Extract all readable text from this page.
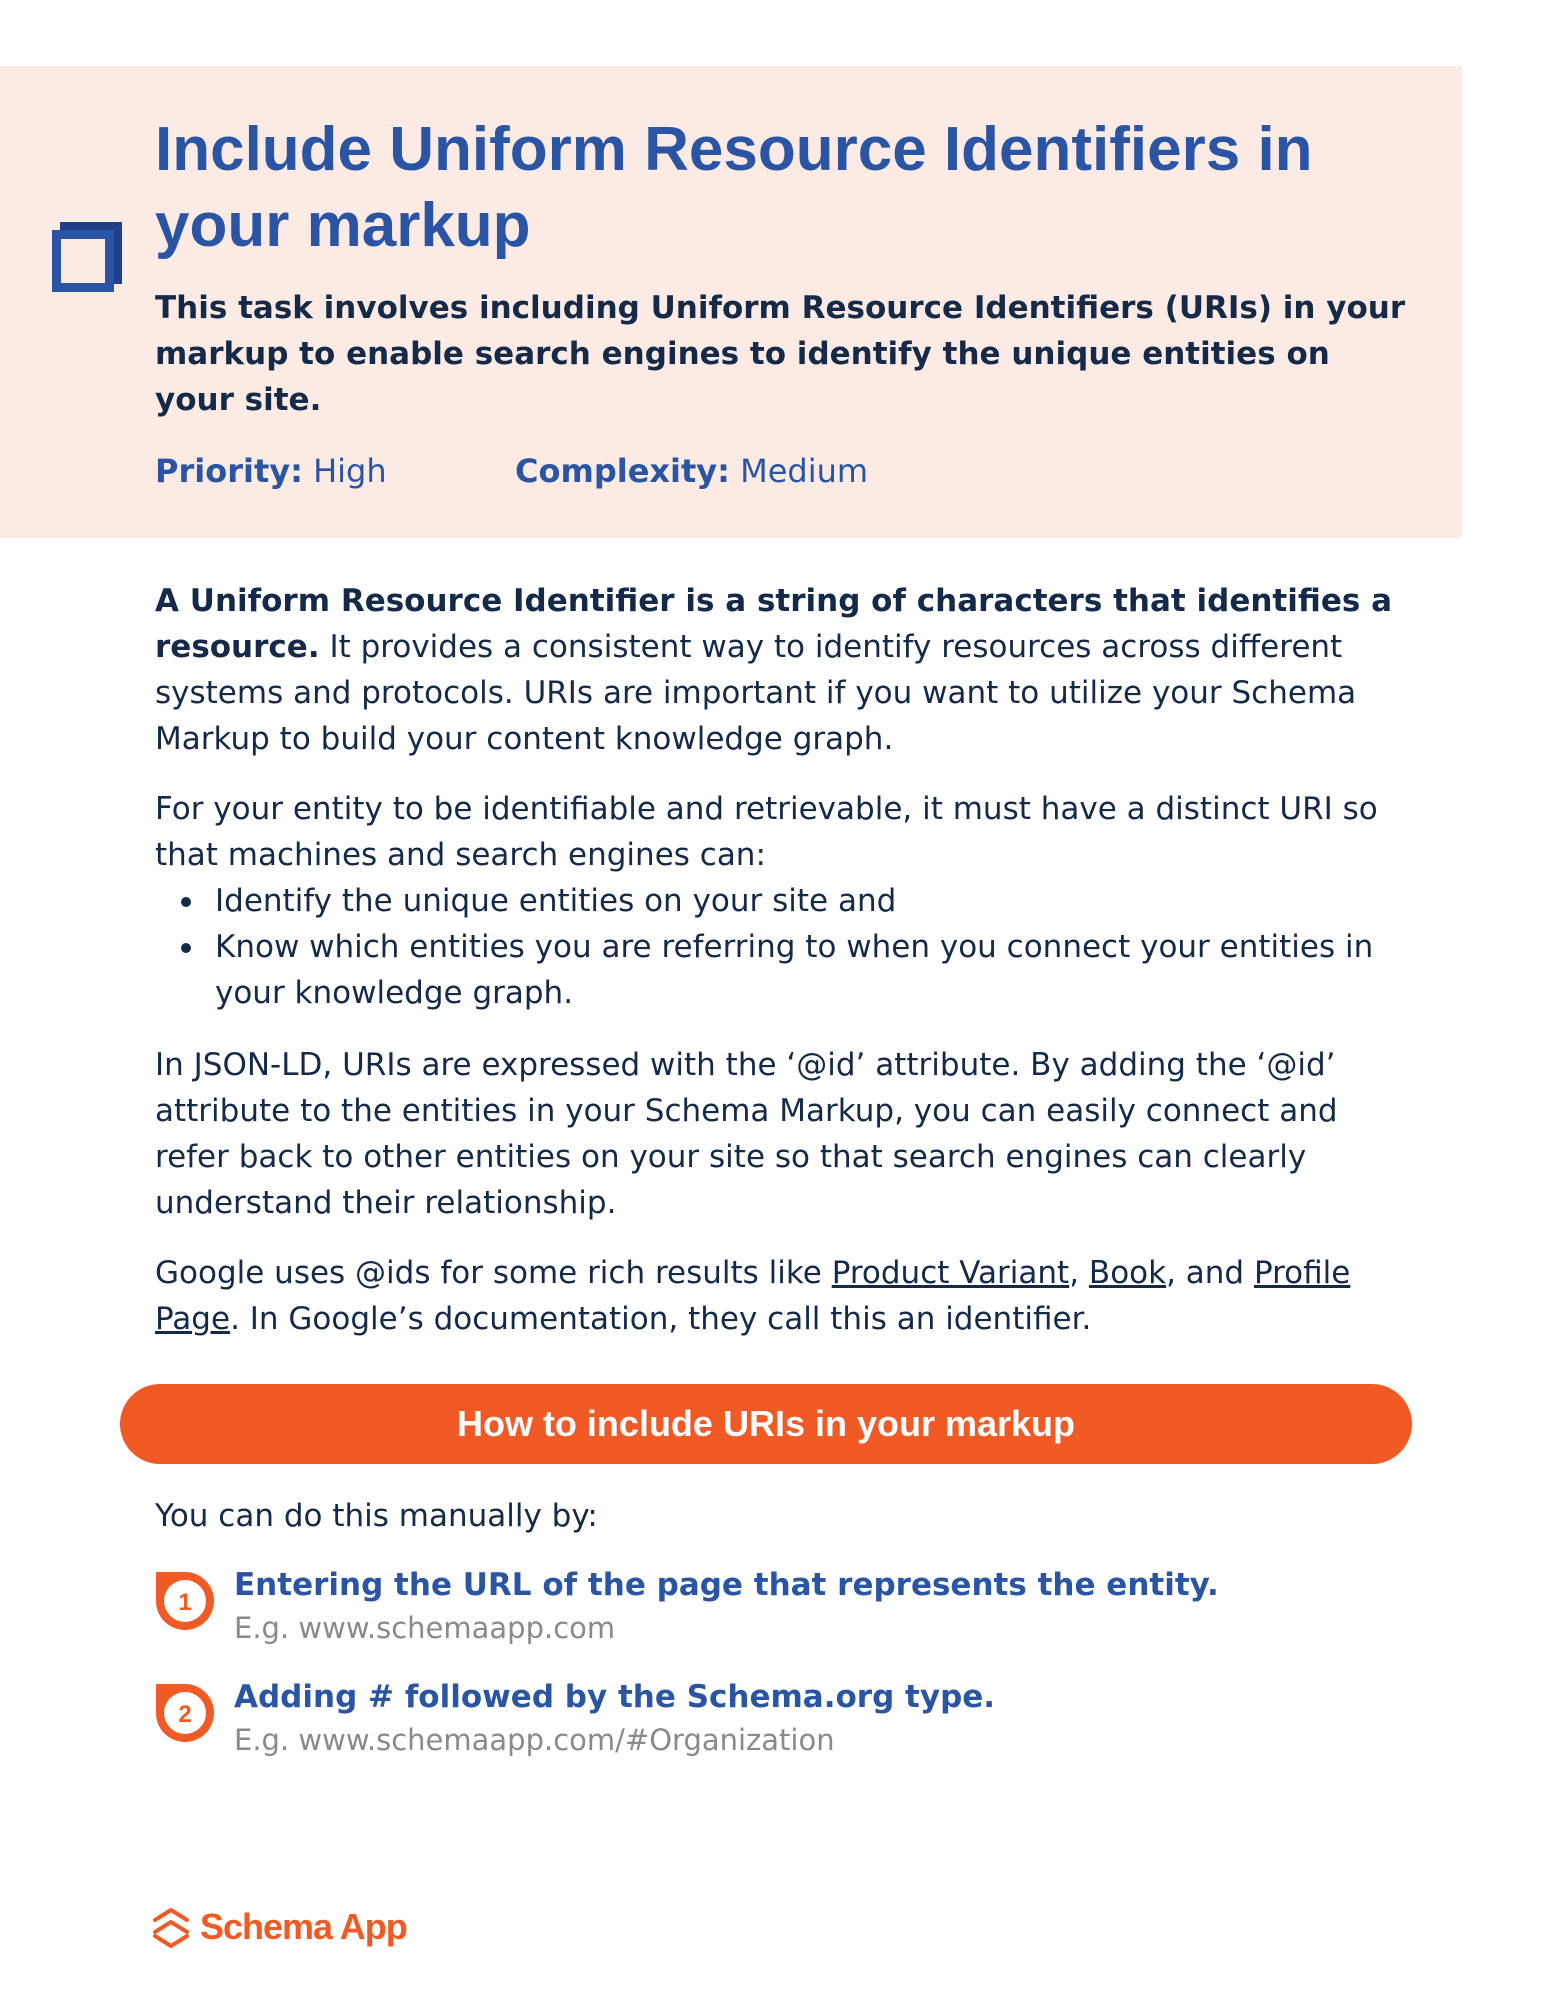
Include Uniform Resource Identifiers in your markup

This task involves including Uniform Resource Identifiers (URIs) in your markup to enable search engines to identify the unique entities on your site.

Priority: High	Complexity: Medium

A Uniform Resource Identifier is a string of characters that identifies a resource. It provides a consistent way to identify resources across different systems and protocols. URIs are important if you want to utilize your Schema Markup to build your content knowledge graph.

For your entity to be identifiable and retrievable, it must have a distinct URI so that machines and search engines can:

Identify the unique entities on your site and
Know which entities you are referring to when you connect your entities in your knowledge graph.

In JSON-LD, URIs are expressed with the ‘@id’ attribute. By adding the ‘@id’ attribute to the entities in your Schema Markup, you can easily connect and refer back to other entities on your site so that search engines can clearly understand their relationship.

Google uses @ids for some rich results like Product Variant, Book, and Profile Page. In Google’s documentation, they call this an identifier.

How to include URIs in your markup

You can do this manually by:

1 Entering the URL of the page that represents the entity.

E.g. www.schemaapp.com

2 Adding # followed by the Schema.org type.

E.g. www.schemaapp.com/#Organization

Schema App
